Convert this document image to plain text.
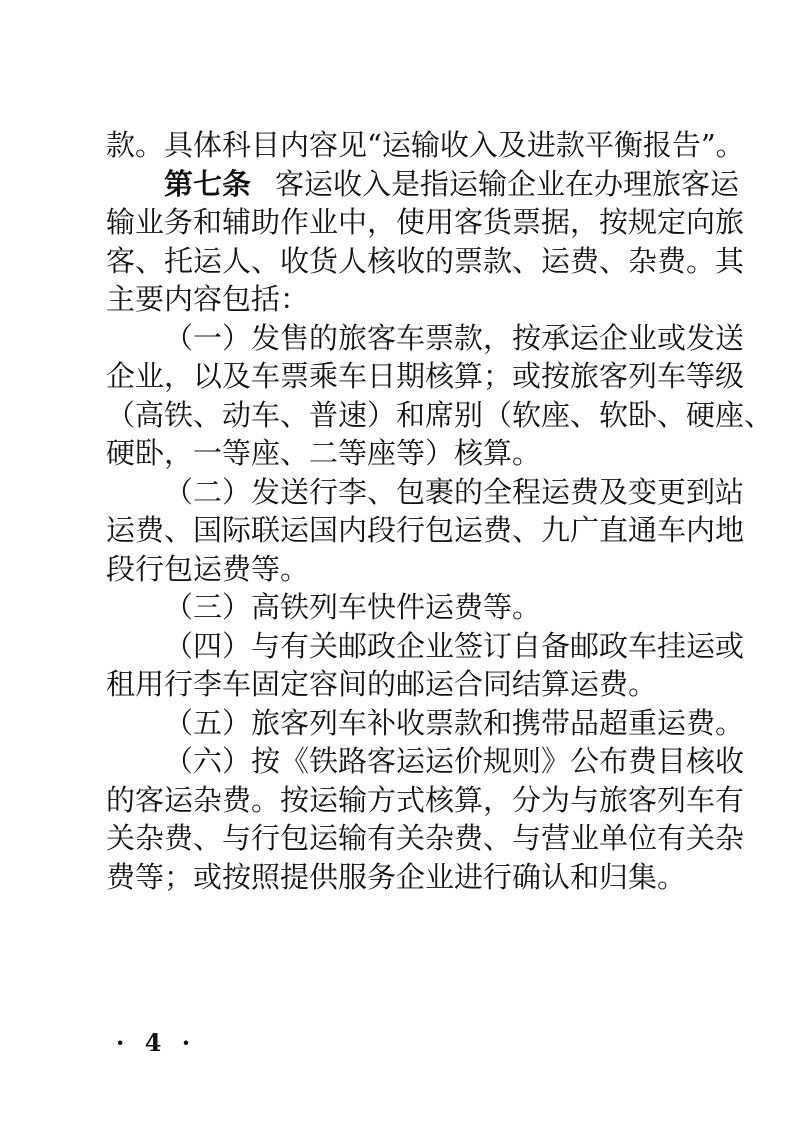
款。具体科目内容见“运输收入及进款平衡报告”。
第七条 客运收入是指运输企业在办理旅客运
输业务和辅助作业中，使用客货票据，按规定向旅
客、托运人、收货人核收的票款、运费、杂费。其
主要内容包括：
（一）发售的旅客车票款，按承运企业或发送
企业，以及车票乘车日期核算；或按旅客列车等级
（高铁、动车、普速）和席别（软座、软卧、硬座、
硬卧，一等座、二等座等）核算。
（二）发送行李、包裹的全程运费及变更到站
运费、国际联运国内段行包运费、九广直通车内地
段行包运费等。
（三）高铁列车快件运费等。
（四）与有关邮政企业签订自备邮政车挂运或
租用行李车固定容间的邮运合同结算运费。
（五）旅客列车补收票款和携带品超重运费。
（六）按《铁路客运运价规则》公布费目核收
的客运杂费。按运输方式核算，分为与旅客列车有
关杂费、与行包运输有关杂费、与营业单位有关杂
费等；或按照提供服务企业进行确认和归集。
· 4 ·
